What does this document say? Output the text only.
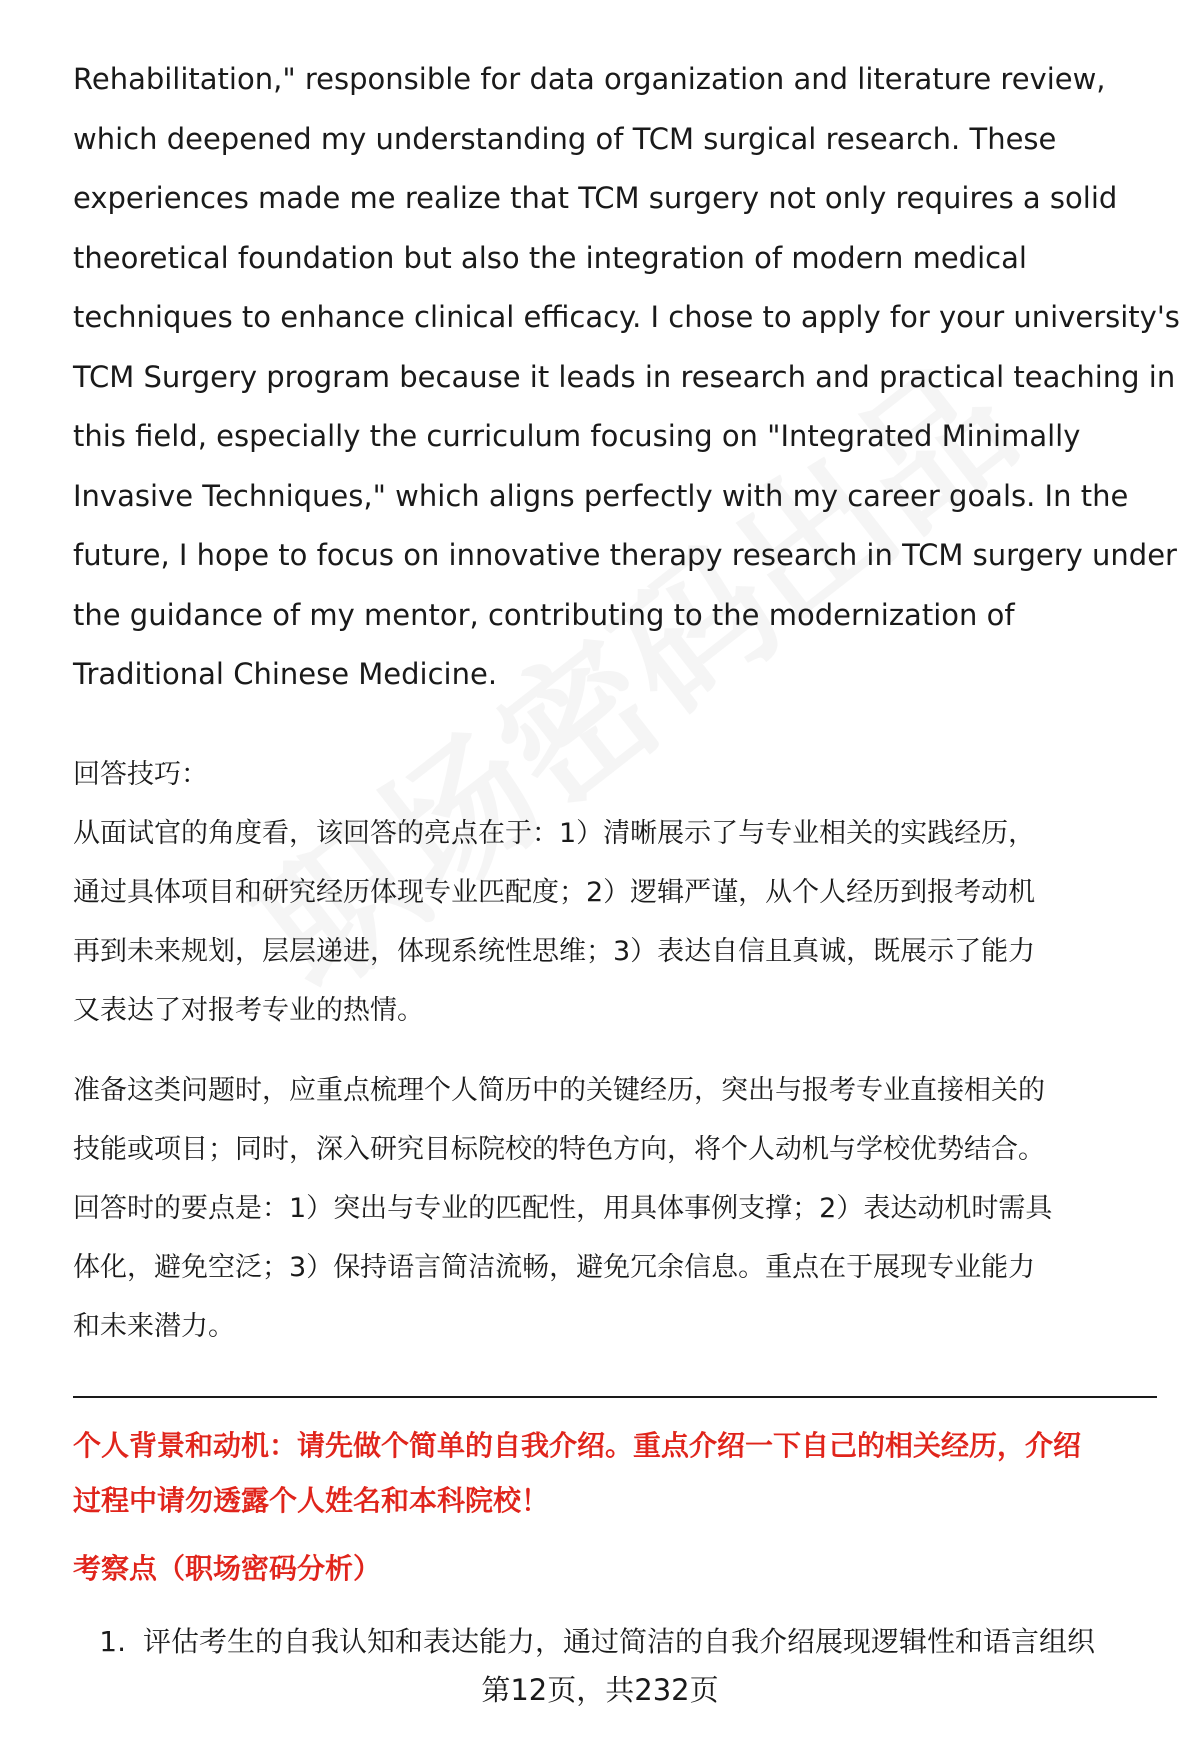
Rehabilitation," responsible for data organization and literature review,

which deepened my understanding of TCM surgical research. These

experiences made me realize that TCM surgery not only requires a solid

theoretical foundation but also the integration of modern medical

techniques to enhance clinical efficacy. I chose to apply for your university's

TCM Surgery program because it leads in research and practical teaching in

this field, especially the curriculum focusing on "Integrated Minimally

Invasive Techniques," which aligns perfectly with my career goals. In the

future, I hope to focus on innovative therapy research in TCM surgery under

the guidance of my mentor, contributing to the modernization of

Traditional Chinese Medicine.

回答技巧：

从面试官的角度看，该回答的亮点在于：1）清晰展示了与专业相关的实践经历，

通过具体项目和研究经历体现专业匹配度；2）逻辑严谨，从个人经历到报考动机

再到未来规划，层层递进，体现系统性思维；3）表达自信且真诚，既展示了能力

又表达了对报考专业的热情。

准备这类问题时，应重点梳理个人简历中的关键经历，突出与报考专业直接相关的

技能或项目；同时，深入研究目标院校的特色方向，将个人动机与学校优势结合。

回答时的要点是：1）突出与专业的匹配性，用具体事例支撑；2）表达动机时需具

体化，避免空泛；3）保持语言简洁流畅，避免冗余信息。重点在于展现专业能力

和未来潜力。

个人背景和动机：请先做个简单的自我介绍。重点介绍一下自己的相关经历，介绍

过程中请勿透露个人姓名和本科院校！

考察点（职场密码分析）
1. 评估考生的自我认知和表达能力，通过简洁的自我介绍展现逻辑性和语言组织
第12页，共232页
